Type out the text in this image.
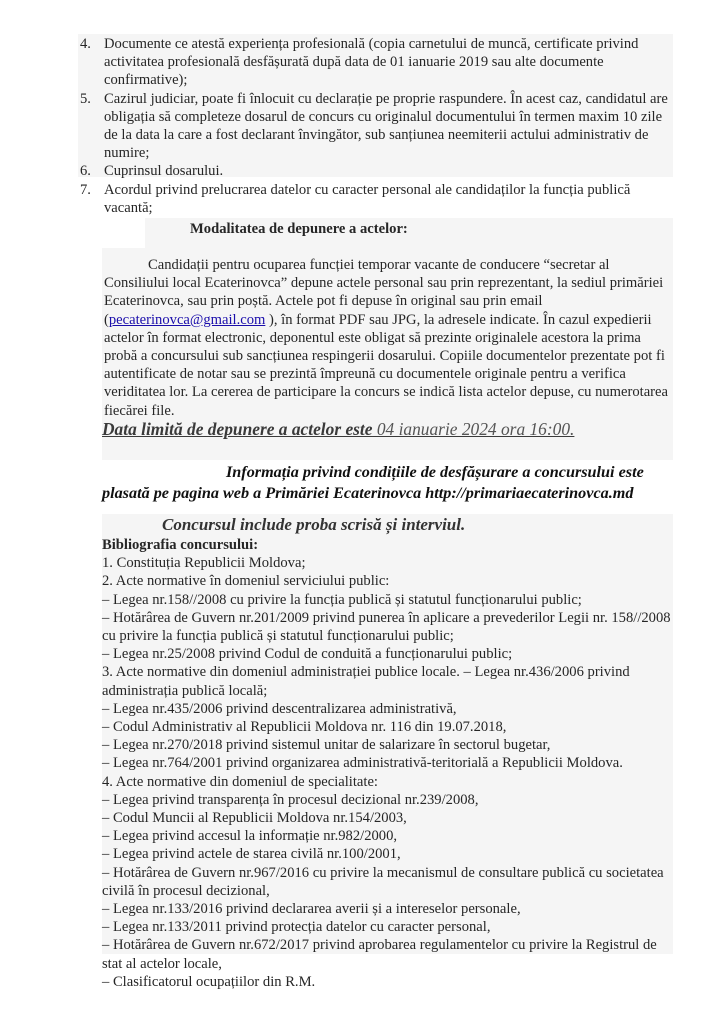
4. Documente ce atestă experiența profesională (copia carnetului de muncă, certificate privind activitatea profesională desfășurată după data de 01 ianuarie 2019 sau alte documente confirmative);
5. Cazirul judiciar, poate fi înlocuit cu declarație pe proprie raspundere. În acest caz, candidatul are obligația să completeze dosarul de concurs cu originalul documentului în termen maxim 10 zile de la data la care a fost declarant învingător, sub sanțiunea neemiterii actului administrativ de numire;
6. Cuprinsul dosarului.
7. Acordul privind prelucrarea datelor cu caracter personal ale candidaților la funcția publică vacantă;
Modalitatea de depunere a actelor:

Candidații pentru ocuparea funcției temporar vacante de conducere “secretar al Consiliului local Ecaterinovca” depune actele personal sau prin reprezentant, la sediul primăriei Ecaterinovca, sau prin poștă. Actele pot fi depuse în original sau prin email (pecaterinovca@gmail.com ), în format PDF sau JPG, la adresele indicate. În cazul expedierii actelor în format electronic, deponentul este obligat să prezinte originalele acestora la prima probă a concursului sub sancțiunea respingerii dosarului. Copiile documentelor prezentate pot fi autentificate de notar sau se prezintă împreună cu documentele originale pentru a verifica veriditatea lor. La cererea de participare la concurs se indică lista actelor depuse, cu numerotarea fiecărei file.

Data limită de depunere a actelor este 04 ianuarie 2024 ora 16:00.
Informația privind condițiile de desfășurare a concursului este
plasată pe pagina web a Primăriei Ecaterinovca http://primariaecaterinovca.md
Concursul include proba scrisă și interviul.

Bibliografia concursului:

1. Constituția Republicii Moldova;

2. Acte normative în domeniul serviciului public:

– Legea nr.158//2008 cu privire la funcția publică și statutul funcționarului public;

– Hotărârea de Guvern nr.201/2009 privind punerea în aplicare a prevederilor Legii nr. 158//2008 cu privire la funcția publică și statutul funcționarului public;

– Legea nr.25/2008 privind Codul de conduită a funcționarului public;

3. Acte normative din domeniul administrației publice locale. – Legea nr.436/2006 privind administrația publică locală;

– Legea nr.435/2006 privind descentralizarea administrativă,

– Codul Administrativ al Republicii Moldova nr. 116 din 19.07.2018,

– Legea nr.270/2018 privind sistemul unitar de salarizare în sectorul bugetar,

– Legea nr.764/2001 privind organizarea administrativă-teritorială a Republicii Moldova.

4. Acte normative din domeniul de specialitate:

– Legea privind transparența în procesul decizional nr.239/2008,

– Codul Muncii al Republicii Moldova nr.154/2003,

– Legea privind accesul la informație nr.982/2000,

– Legea privind actele de starea civilă nr.100/2001,

– Hotărârea de Guvern nr.967/2016 cu privire la mecanismul de consultare publică cu societatea civilă în procesul decizional,

– Legea nr.133/2016 privind declararea averii și a intereselor personale,

– Legea nr.133/2011 privind protecția datelor cu caracter personal,

– Hotărârea de Guvern nr.672/2017 privind aprobarea regulamentelor cu privire la Registrul de stat al actelor locale,

– Clasificatorul ocupațiilor din R.M.
